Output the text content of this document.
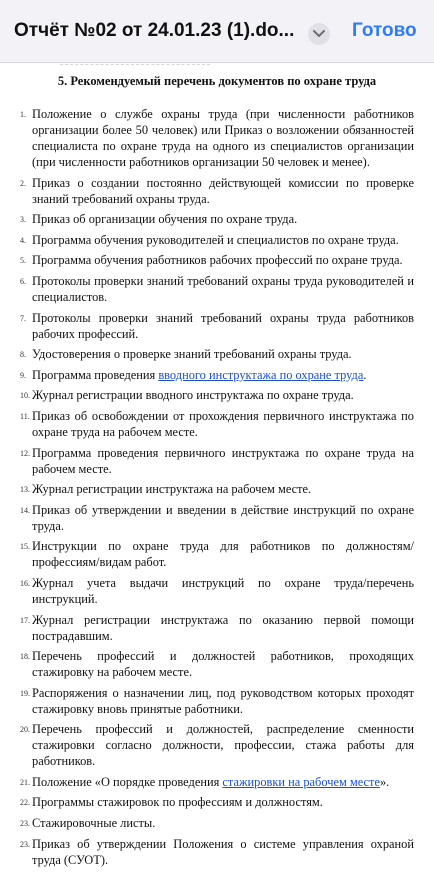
Отчёт №02 от 24.01.23 (1).do...	Готово
5. Рекомендуемый перечень документов по охране труда
1. Положение о службе охраны труда (при численности работников организации более 50 человек) или Приказ о возложении обязанностей специалиста по охране труда на одного из специалистов организации (при численности работников организации 50 человек и менее).
2. Приказ о создании постоянно действующей комиссии по проверке знаний требований охраны труда.
3. Приказ об организации обучения по охране труда.
4. Программа обучения руководителей и специалистов по охране труда.
5. Программа обучения работников рабочих профессий по охране труда.
6. Протоколы проверки знаний требований охраны труда руководителей и специалистов.
7. Протоколы проверки знаний требований охраны труда работников рабочих профессий.
8. Удостоверения о проверке знаний требований охраны труда.
9. Программа проведения вводного инструктажа по охране труда.
10. Журнал регистрации вводного инструктажа по охране труда.
11. Приказ об освобождении от прохождения первичного инструктажа по охране труда на рабочем месте.
12. Программа проведения первичного инструктажа по охране труда на рабочем месте.
13. Журнал регистрации инструктажа на рабочем месте.
14. Приказ об утверждении и введении в действие инструкций по охране труда.
15. Инструкции по охране труда для работников по должностям/ профессиям/видам работ.
16. Журнал учета выдачи инструкций по охране труда/перечень инструкций.
17. Журнал регистрации инструктажа по оказанию первой помощи пострадавшим.
18. Перечень профессий и должностей работников, проходящих стажировку на рабочем месте.
19. Распоряжения о назначении лиц, под руководством которых проходят стажировку вновь принятые работники.
20. Перечень профессий и должностей, распределение сменности стажировки согласно должности, профессии, стажа работы для работников.
21. Положение «О порядке проведения стажировки на рабочем месте».
22. Программы стажировок по профессиям и должностям.
23. Стажировочные листы.
23. Приказ об утверждении Положения о системе управления охраной труда (СУОТ).
